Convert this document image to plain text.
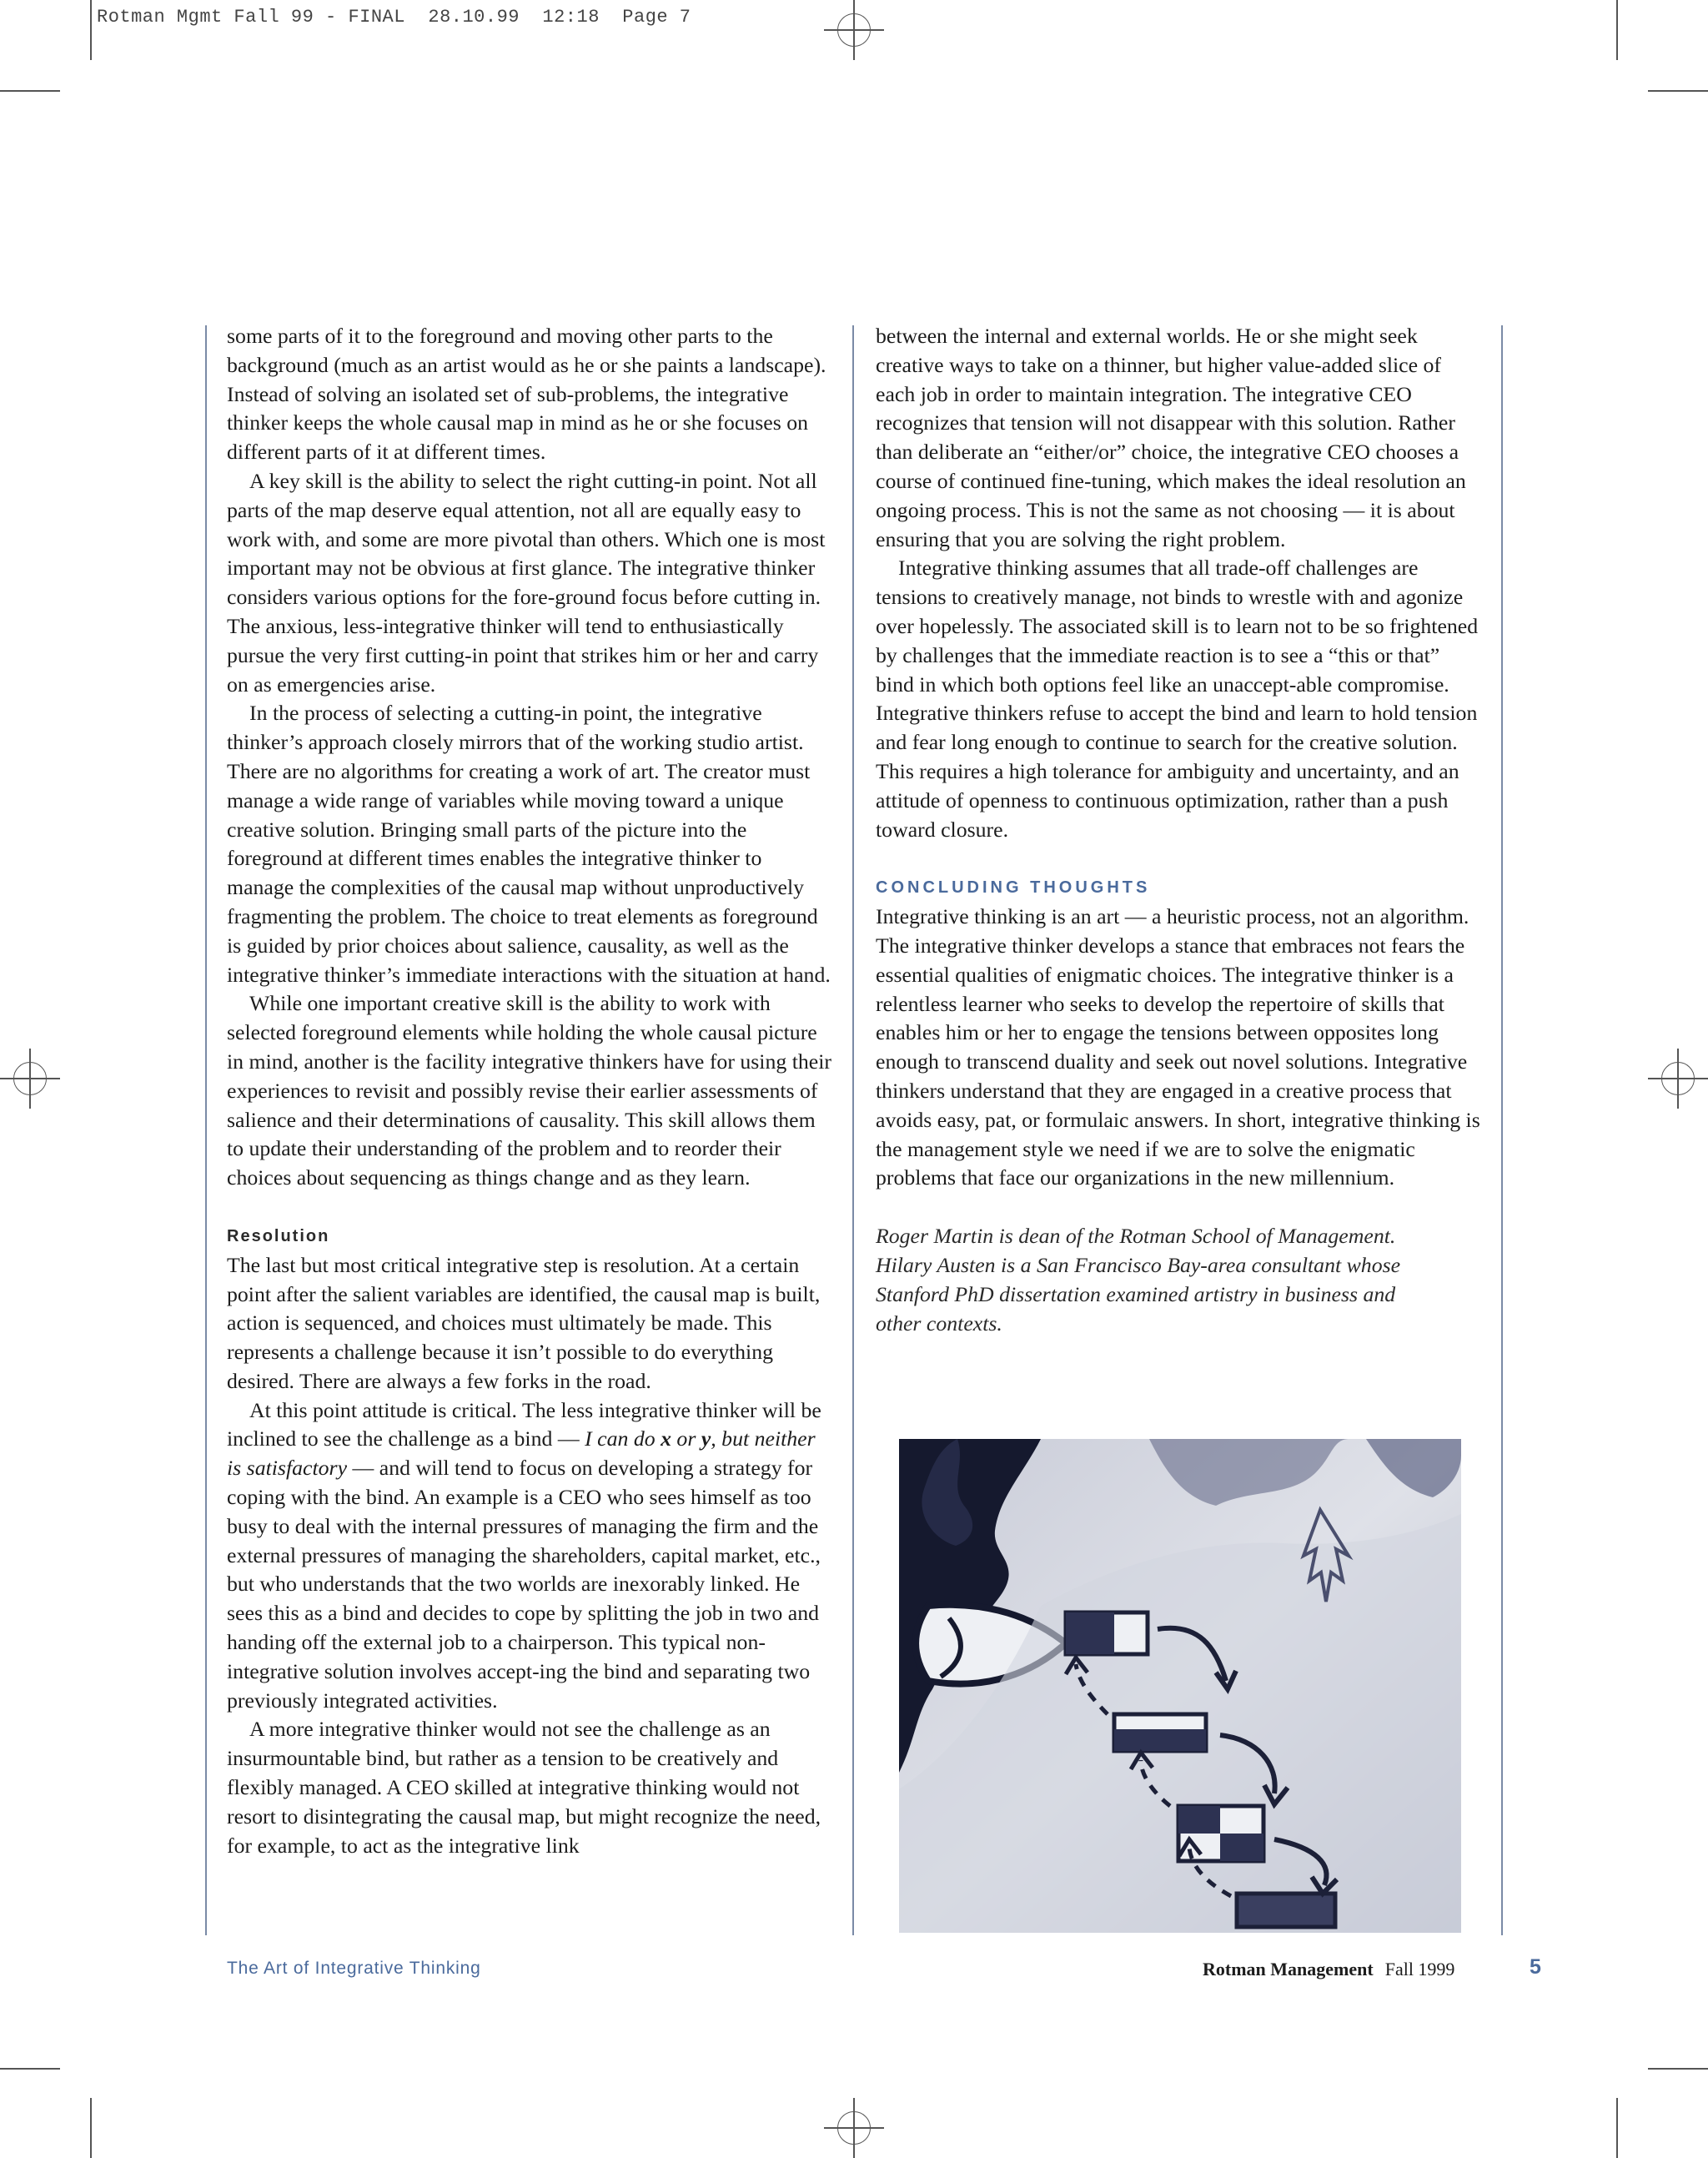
Rotman Mgmt Fall 99 - FINAL  28.10.99  12:18  Page 7

some parts of it to the foreground and moving other parts to the background (much as an artist would as he or she paints a landscape). Instead of solving an isolated set of sub-problems, the integrative thinker keeps the whole causal map in mind as he or she focuses on different parts of it at different times.

A key skill is the ability to select the right cutting-in point. Not all parts of the map deserve equal attention, not all are equally easy to work with, and some are more pivotal than others. Which one is most important may not be obvious at first glance. The integrative thinker considers various options for the fore-ground focus before cutting in. The anxious, less-integrative thinker will tend to enthusiastically pursue the very first cutting-in point that strikes him or her and carry on as emergencies arise.

In the process of selecting a cutting-in point, the integrative thinker’s approach closely mirrors that of the working studio artist. There are no algorithms for creating a work of art. The creator must manage a wide range of variables while moving toward a unique creative solution. Bringing small parts of the picture into the foreground at different times enables the integrative thinker to manage the complexities of the causal map without unproductively fragmenting the problem. The choice to treat elements as foreground is guided by prior choices about salience, causality, as well as the integrative thinker’s immediate interactions with the situation at hand.

While one important creative skill is the ability to work with selected foreground elements while holding the whole causal picture in mind, another is the facility integrative thinkers have for using their experiences to revisit and possibly revise their earlier assessments of salience and their determinations of causality. This skill allows them to update their understanding of the problem and to reorder their choices about sequencing as things change and as they learn.

Resolution

The last but most critical integrative step is resolution. At a certain point after the salient variables are identified, the causal map is built, action is sequenced, and choices must ultimately be made. This represents a challenge because it isn’t possible to do everything desired. There are always a few forks in the road.

At this point attitude is critical. The less integrative thinker will be inclined to see the challenge as a bind — I can do x or y, but neither is satisfactory — and will tend to focus on developing a strategy for coping with the bind. An example is a CEO who sees himself as too busy to deal with the internal pressures of managing the firm and the external pressures of managing the shareholders, capital market, etc., but who understands that the two worlds are inexorably linked. He sees this as a bind and decides to cope by splitting the job in two and handing off the external job to a chairperson. This typical non-integrative solution involves accept-ing the bind and separating two previously integrated activities.

A more integrative thinker would not see the challenge as an insurmountable bind, but rather as a tension to be creatively and flexibly managed. A CEO skilled at integrative thinking would not resort to disintegrating the causal map, but might recognize the need, for example, to act as the integrative link

between the internal and external worlds. He or she might seek creative ways to take on a thinner, but higher value-added slice of each job in order to maintain integration. The integrative CEO recognizes that tension will not disappear with this solution. Rather than deliberate an “either/or” choice, the integrative CEO chooses a course of continued fine-tuning, which makes the ideal resolution an ongoing process. This is not the same as not choosing — it is about ensuring that you are solving the right problem.

Integrative thinking assumes that all trade-off challenges are tensions to creatively manage, not binds to wrestle with and agonize over hopelessly. The associated skill is to learn not to be so frightened by challenges that the immediate reaction is to see a “this or that” bind in which both options feel like an unaccept-able compromise. Integrative thinkers refuse to accept the bind and learn to hold tension and fear long enough to continue to search for the creative solution. This requires a high tolerance for ambiguity and uncertainty, and an attitude of openness to continuous optimization, rather than a push toward closure.

CONCLUDING THOUGHTS

Integrative thinking is an art — a heuristic process, not an algorithm. The integrative thinker develops a stance that embraces not fears the essential qualities of enigmatic choices. The integrative thinker is a relentless learner who seeks to develop the repertoire of skills that enables him or her to engage the tensions between opposites long enough to transcend duality and seek out novel solutions. Integrative thinkers understand that they are engaged in a creative process that avoids easy, pat, or formulaic answers. In short, integrative thinking is the management style we need if we are to solve the enigmatic problems that face our organizations in the new millennium.

Roger Martin is dean of the Rotman School of Management. Hilary Austen is a San Francisco Bay-area consultant whose Stanford PhD dissertation examined artistry in business and other contexts.

The Art of Integrative Thinking	Rotman Management Fall 1999	5
